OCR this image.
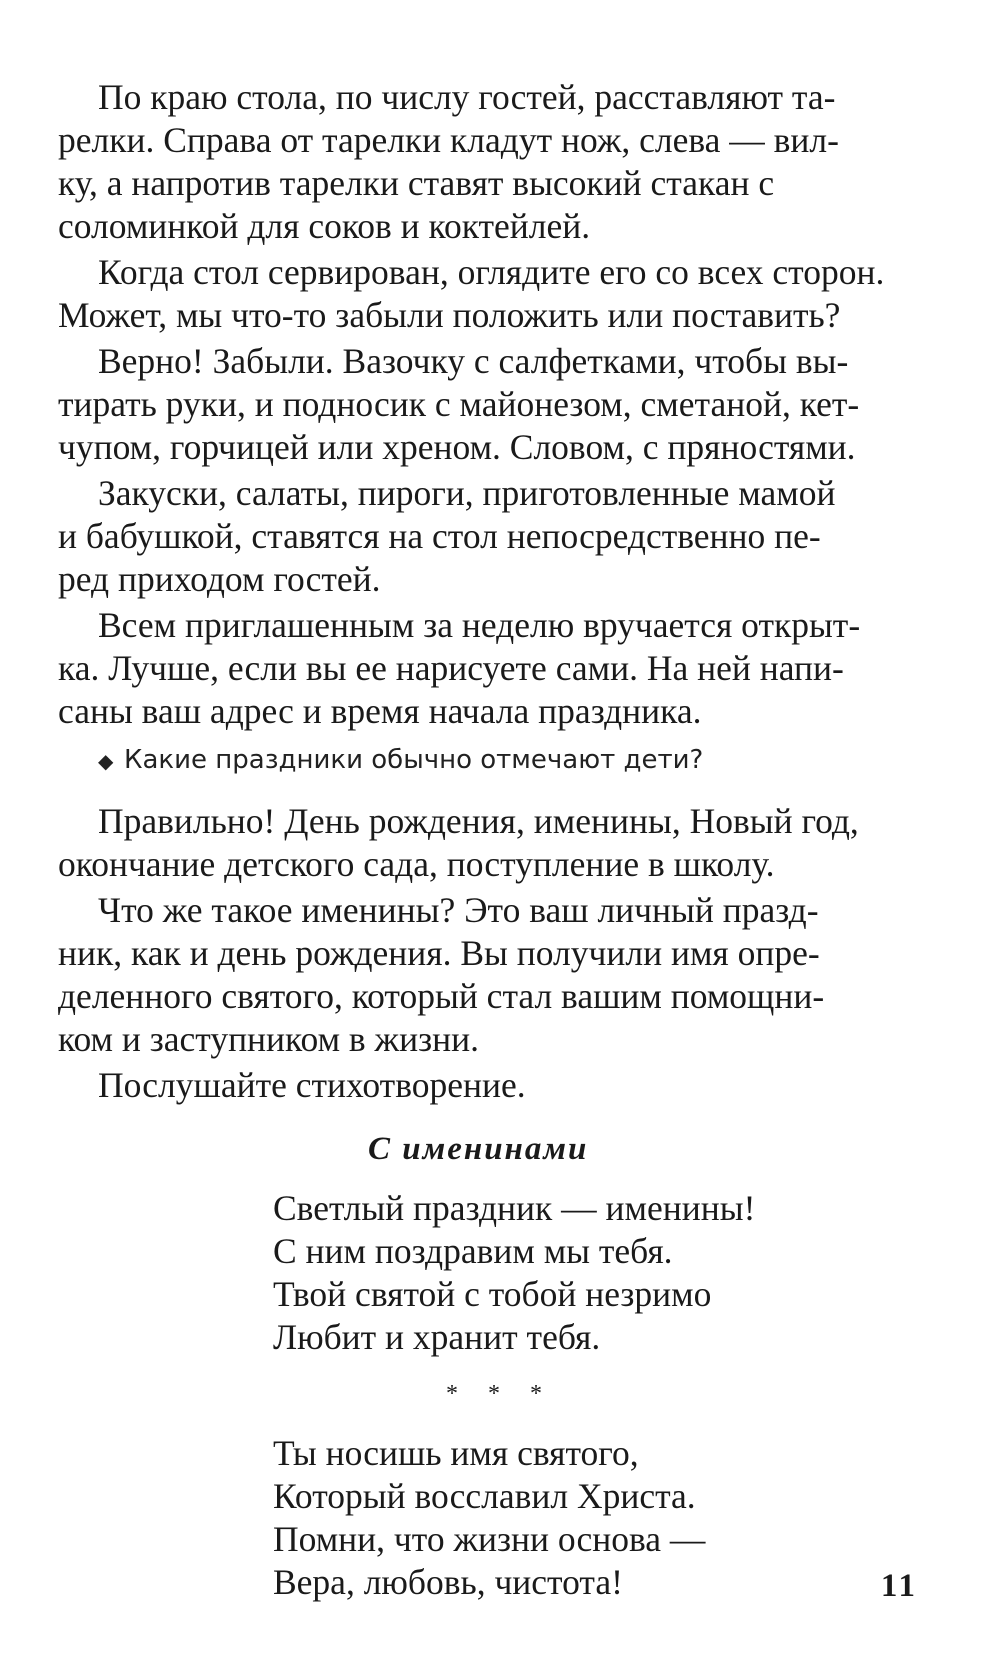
По краю стола, по числу гостей, расставляют та-
релки. Справа от тарелки кладут нож, слева — вил-
ку, а напротив тарелки ставят высокий стакан с
соломинкой для соков и коктейлей.

Когда стол сервирован, оглядите его со всех сторон.
Может, мы что-то забыли положить или поставить?

Верно! Забыли. Вазочку с салфетками, чтобы вы-
тирать руки, и подносик с майонезом, сметаной, кет-
чупом, горчицей или хреном. Словом, с пряностями.

Закуски, салаты, пироги, приготовленные мамой
и бабушкой, ставятся на стол непосредственно пе-
ред приходом гостей.

Всем приглашенным за неделю вручается открыт-
ка. Лучше, если вы ее нарисуете сами. На ней напи-
саны ваш адрес и время начала праздника.

◆ Какие праздники обычно отмечают дети?

Правильно! День рождения, именины, Новый год,
окончание детского сада, поступление в школу.

Что же такое именины? Это ваш личный празд-
ник, как и день рождения. Вы получили имя опре-
деленного святого, который стал вашим помощни-
ком и заступником в жизни.

Послушайте стихотворение.

С именинами
Светлый праздник — именины!
С ним поздравим мы тебя.
Твой святой с тобой незримо
Любит и хранит тебя.
* * *
Ты носишь имя святого,
Который восславил Христа.
Помни, что жизни основа —
Вера, любовь, чистота!	11
